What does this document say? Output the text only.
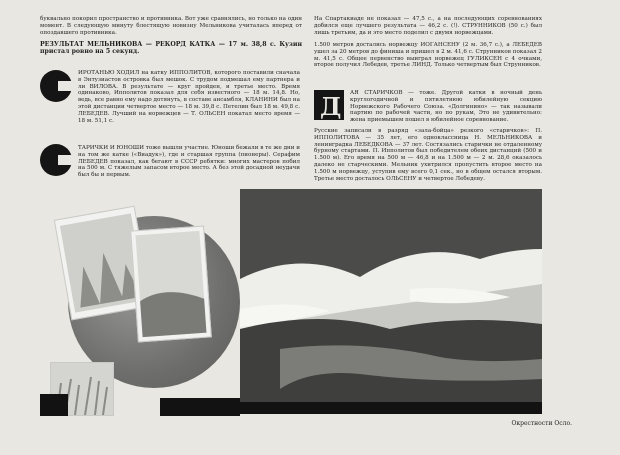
буквально покорил пространство и противника. Вот уже сравнялись, но только на один момент. В следующую минуту блестящую новизну Мельникова учиталась вперед от опоздавшего противника.

РЕЗУЛЬТАТ МЕЛЬНИКОВА — РЕКОРД КАТКА — 17 м. 38,8 с. Кузин пристал ровно на 5 секунд.

ИРОТАНЬЮ ХОДИЛ на катку ИППОЛИТОВ, которого поставили сначала в Энтузиастов островка был мешок. С трудом подмешал ему партнера и ли ВИЛОВА. В результате — круг пройден, и третье место. Время одинаково, Ипполитов показал для себя известного — 18 м. 14,8. Но, ведь, все равно ему надо дотянуть, в составе ансамбля, КЛАНИНИ был на этой дистанции четвертое место — 18 м. 39,8 с. Петелин был 18 м. 49,8 с. ЛЕБЕДЕВ. Лучший на норвежцев — Т. ОЛЬСЕН покатал место время — 18 м. 51,1 с.

ТАРИЧКИ И ЮНОШИ тоже вышли участие. Юноши бежали в те же дни и на том же катке («Виадук»), где и старшая группа (пионеры). Серафим ЛЕБЕДЕВ показал, как бегают в СССР ребятки: многих мастеров побил на 500 м. С тяжелым запасом второе место. А без этой досадной неудачи был бы и первым.

На Спартакиаде не показал — 47,5 с., а на последующих соревнованиях добился еще лучшего результата — 46,2 с. (!). СТРУННИКОВ (50 с.) был лишь третьим, да и это место поделил с двумя норвежцами.

1.500 метров достались норвежцу ИОГАНСЕНУ (2 м. 36,7 с.), а ЛЕБЕДЕВ ушел за 20 метров до финиша и пришел в 2 м. 41,6 с. Струнников показал 2 м. 41,5 с. Общее первенство выиграл норвежец ГУЛИКСЕН с 4 очками, второе получил Лебедев, третье ЛИНД. Только четвертым был Струнников.

Д АЯ СТАРИЧКОВ — тоже. Другой катки в ночный день круглогодичной и пятилетнюю юбилейную секцию Норвежского Рабочего Союза. «Долгинино» — так называли партию по рабочей части, но по рукам, Это не удивительно: жена приемышем пошел в юбилейное соревнование.

Русские записали в разряд «зала-бойца» резкого «старичков»: П. ИППОЛИТОВА — 35 лет, его одноклассница Н. МЕЛЬНИКОВА и ленинградка ЛЕБЕДКОВА — 37 лет. Состязались старички не отдаленному бурному стартами. П. Ипполитов был победителем обеих дистанций (500 и 1.500 м). Его время на 500 м — 46,8 и на 1.500 м — 2 м. 28,6 оказалось далеко не старческими. Мельник ухитрился пропустить второе место на 1.500 м норвежцу, уступив ему всего 0,1 сек., но в общем остался вторым. Третье место досталось ОЛЬСЕНУ и четвертое Лебедеву.

Окрестности Осло.
